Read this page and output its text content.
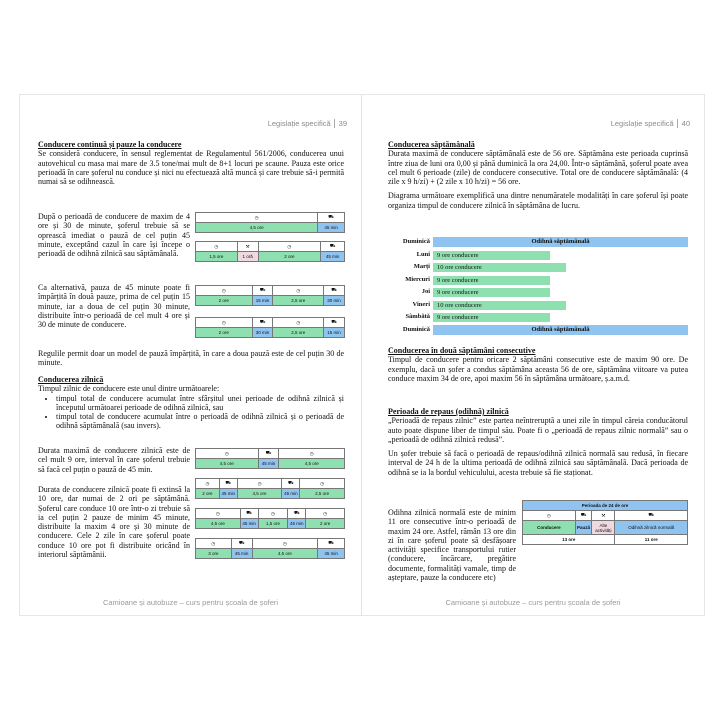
Legislație specifică 39
Conducere continuă și pauze la conducere
Se consideră conducere, în sensul reglementat de Regulamentul 561/2006, conducerea unui autovehicul cu masa mai mare de 3.5 tone/mai mult de 8+1 locuri pe scaune. Pauza este orice perioadă în care șoferul nu conduce și nici nu efectuează altă muncă și care trebuie să-i permită numai să se odihnească.
După o perioadă de conducere de maxim de 4 ore și 30 de minute, șoferul trebuie să se oprească imediat o pauză de cel puțin 45 minute, exceptând cazul în care își începe o perioadă de odihnă zilnică sau săptămânală.
Ca alternativă, pauza de 45 minute poate fi împărțită în două pauze, prima de cel puțin 15 minute, iar a doua de cel puțin 30 minute, distribuite într-o perioadă de cel mult 4 ore și 30 de minute de conducere.
Regulile permit doar un model de pauză împărțită, în care a doua pauză este de cel puțin 30 de minute.
◷	⛟
4,5 ore	45 min
◷	⚒	◷	⛟
1,5 ore	1 oră	2 ore	45 min
◷	⛟	◷	⛟
2 ore	15 min	2,5 ore	30 min
◷	⛟	◷	⛟
2 ore	30 min	2,5 ore	15 min
Conducerea zilnică
Timpul zilnic de conducere este unul dintre următoarele:
• timpul total de conducere acumulat între sfârșitul unei perioade de odihnă zilnică și începutul următoarei perioade de odihnă zilnică, sau
• timpul total de conducere acumulat între o perioadă de odihnă zilnică și o perioadă de odihnă săptămânală (sau invers).
Durata maximă de conducere zilnică este de cel mult 9 ore, interval în care șoferul trebuie să facă cel puțin o pauză de 45 min.
Durata de conducere zilnică poate fi extinsă la 10 ore, dar numai de 2 ori pe săptămână. Șoferul care conduce 10 ore într-o zi trebuie să ia cel puțin 2 pauze de minim 45 minute, distribuite la maxim 4 ore și 30 minute de conducere. Cele 2 zile în care șoferul poate conduce 10 ore pot fi distribuite oricând în interiorul săptămânii.
◷	⛟	◷
4,5 ore	45 min	4,5 ore
◷	⛟	◷	⛟	◷
2 ore	45 min	4,5 ore	45 min	2,5 ore
◷	⛟	◷	⛟	◷
4,5 ore	45 min	1,5 ore	45 min	2 ore
◷	⛟	◷	⛟
3 ore	45 min	4,5 ore	45 min
Camioane și autobuze – curs pentru școala de șoferi
Legislație specifică 40
Conducerea săptămânală
Durata maximă de conducere săptămânală este de 56 ore. Săptămâna este perioada cuprinsă între ziua de luni ora 0,00 și până duminică la ora 24,00. Într-o săptămână, șoferul poate avea cel mult 6 perioade (zile) de conducere consecutive. Total ore de conducere săptămânală: (4 zile x 9 h/zi) + (2 zile x 10 h/zi) = 56 ore.
Diagrama următoare exemplifică una dintre nenumăratele modalități în care șoferul își poate organiza timpul de conducere zilnică în săptămâna de lucru.
Duminică	Odihnă săptămânală
Luni	9 ore conducere
Marți	10 ore conducere
Miercuri	9 ore conducere
Joi	9 ore conducere
Vineri	10 ore conducere
Sâmbătă	9 ore conducere
Duminică	Odihnă săptămânală
Conducerea în două săptămâni consecutive
Timpul de conducere pentru oricare 2 săptămâni consecutive este de maxim 90 ore. De exemplu, dacă un șofer a condus săptămâna aceasta 56 de ore, săptămâna viitoare va putea conduce maxim 34 de ore, apoi maxim 56 în săptămâna următoare, ș.a.m.d.
Perioada de repaus (odihnă) zilnică
„Perioadă de repaus zilnic” este partea neîntreruptă a unei zile în timpul căreia conducătorul auto poate dispune liber de timpul său. Poate fi o „perioadă de repaus zilnic normală” sau o „perioadă de odihnă zilnică redusă”.
Un șofer trebuie să facă o perioadă de repaus/odihnă zilnică normală sau redusă, în fiecare interval de 24 h de la ultima perioadă de odihnă zilnică sau săptămânală. Dacă perioada de odihnă se ia la bordul vehiculului, acesta trebuie să fie staționat.
Odihna zilnică normală este de minim 11 ore consecutive într-o perioadă de maxim 24 ore. Astfel, rămân 13 ore din zi în care șoferul poate să desfășoare activități specifice transportului rutier (conducere, încărcare, pregătire documente, formalități vamale, timp de așteptare, pauze la conducere etc)
Perioada de 24 de ore			
◷	⛟	⚒	⛟
Conducere	Pauză	Alte activități	Odihnă zilnică normală
13 ore			11 ore
Camioane și autobuze – curs pentru școala de șoferi
